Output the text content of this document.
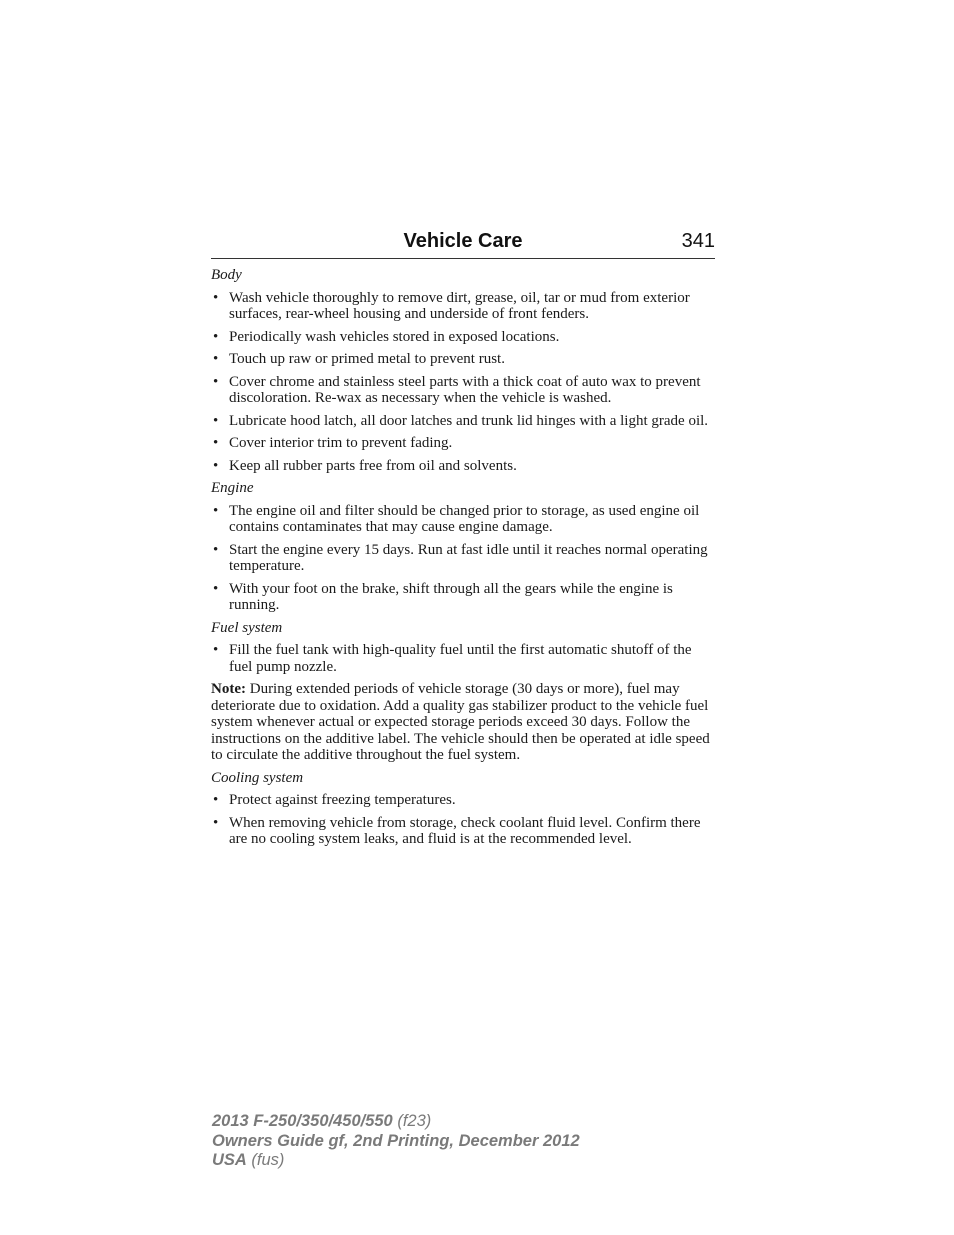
Vehicle Care	341
Body
• Wash vehicle thoroughly to remove dirt, grease, oil, tar or mud from exterior surfaces, rear-wheel housing and underside of front fenders.
• Periodically wash vehicles stored in exposed locations.
• Touch up raw or primed metal to prevent rust.
• Cover chrome and stainless steel parts with a thick coat of auto wax to prevent discoloration. Re-wax as necessary when the vehicle is washed.
• Lubricate hood latch, all door latches and trunk lid hinges with a light grade oil.
• Cover interior trim to prevent fading.
• Keep all rubber parts free from oil and solvents.
Engine
• The engine oil and filter should be changed prior to storage, as used engine oil contains contaminates that may cause engine damage.
• Start the engine every 15 days. Run at fast idle until it reaches normal operating temperature.
• With your foot on the brake, shift through all the gears while the engine is running.
Fuel system
• Fill the fuel tank with high-quality fuel until the first automatic shutoff of the fuel pump nozzle.
Note: During extended periods of vehicle storage (30 days or more), fuel may deteriorate due to oxidation. Add a quality gas stabilizer product to the vehicle fuel system whenever actual or expected storage periods exceed 30 days. Follow the instructions on the additive label. The vehicle should then be operated at idle speed to circulate the additive throughout the fuel system.
Cooling system
• Protect against freezing temperatures.
• When removing vehicle from storage, check coolant fluid level. Confirm there are no cooling system leaks, and fluid is at the recommended level.
2013 F-250/350/450/550 (f23)
Owners Guide gf, 2nd Printing, December 2012
USA (fus)
